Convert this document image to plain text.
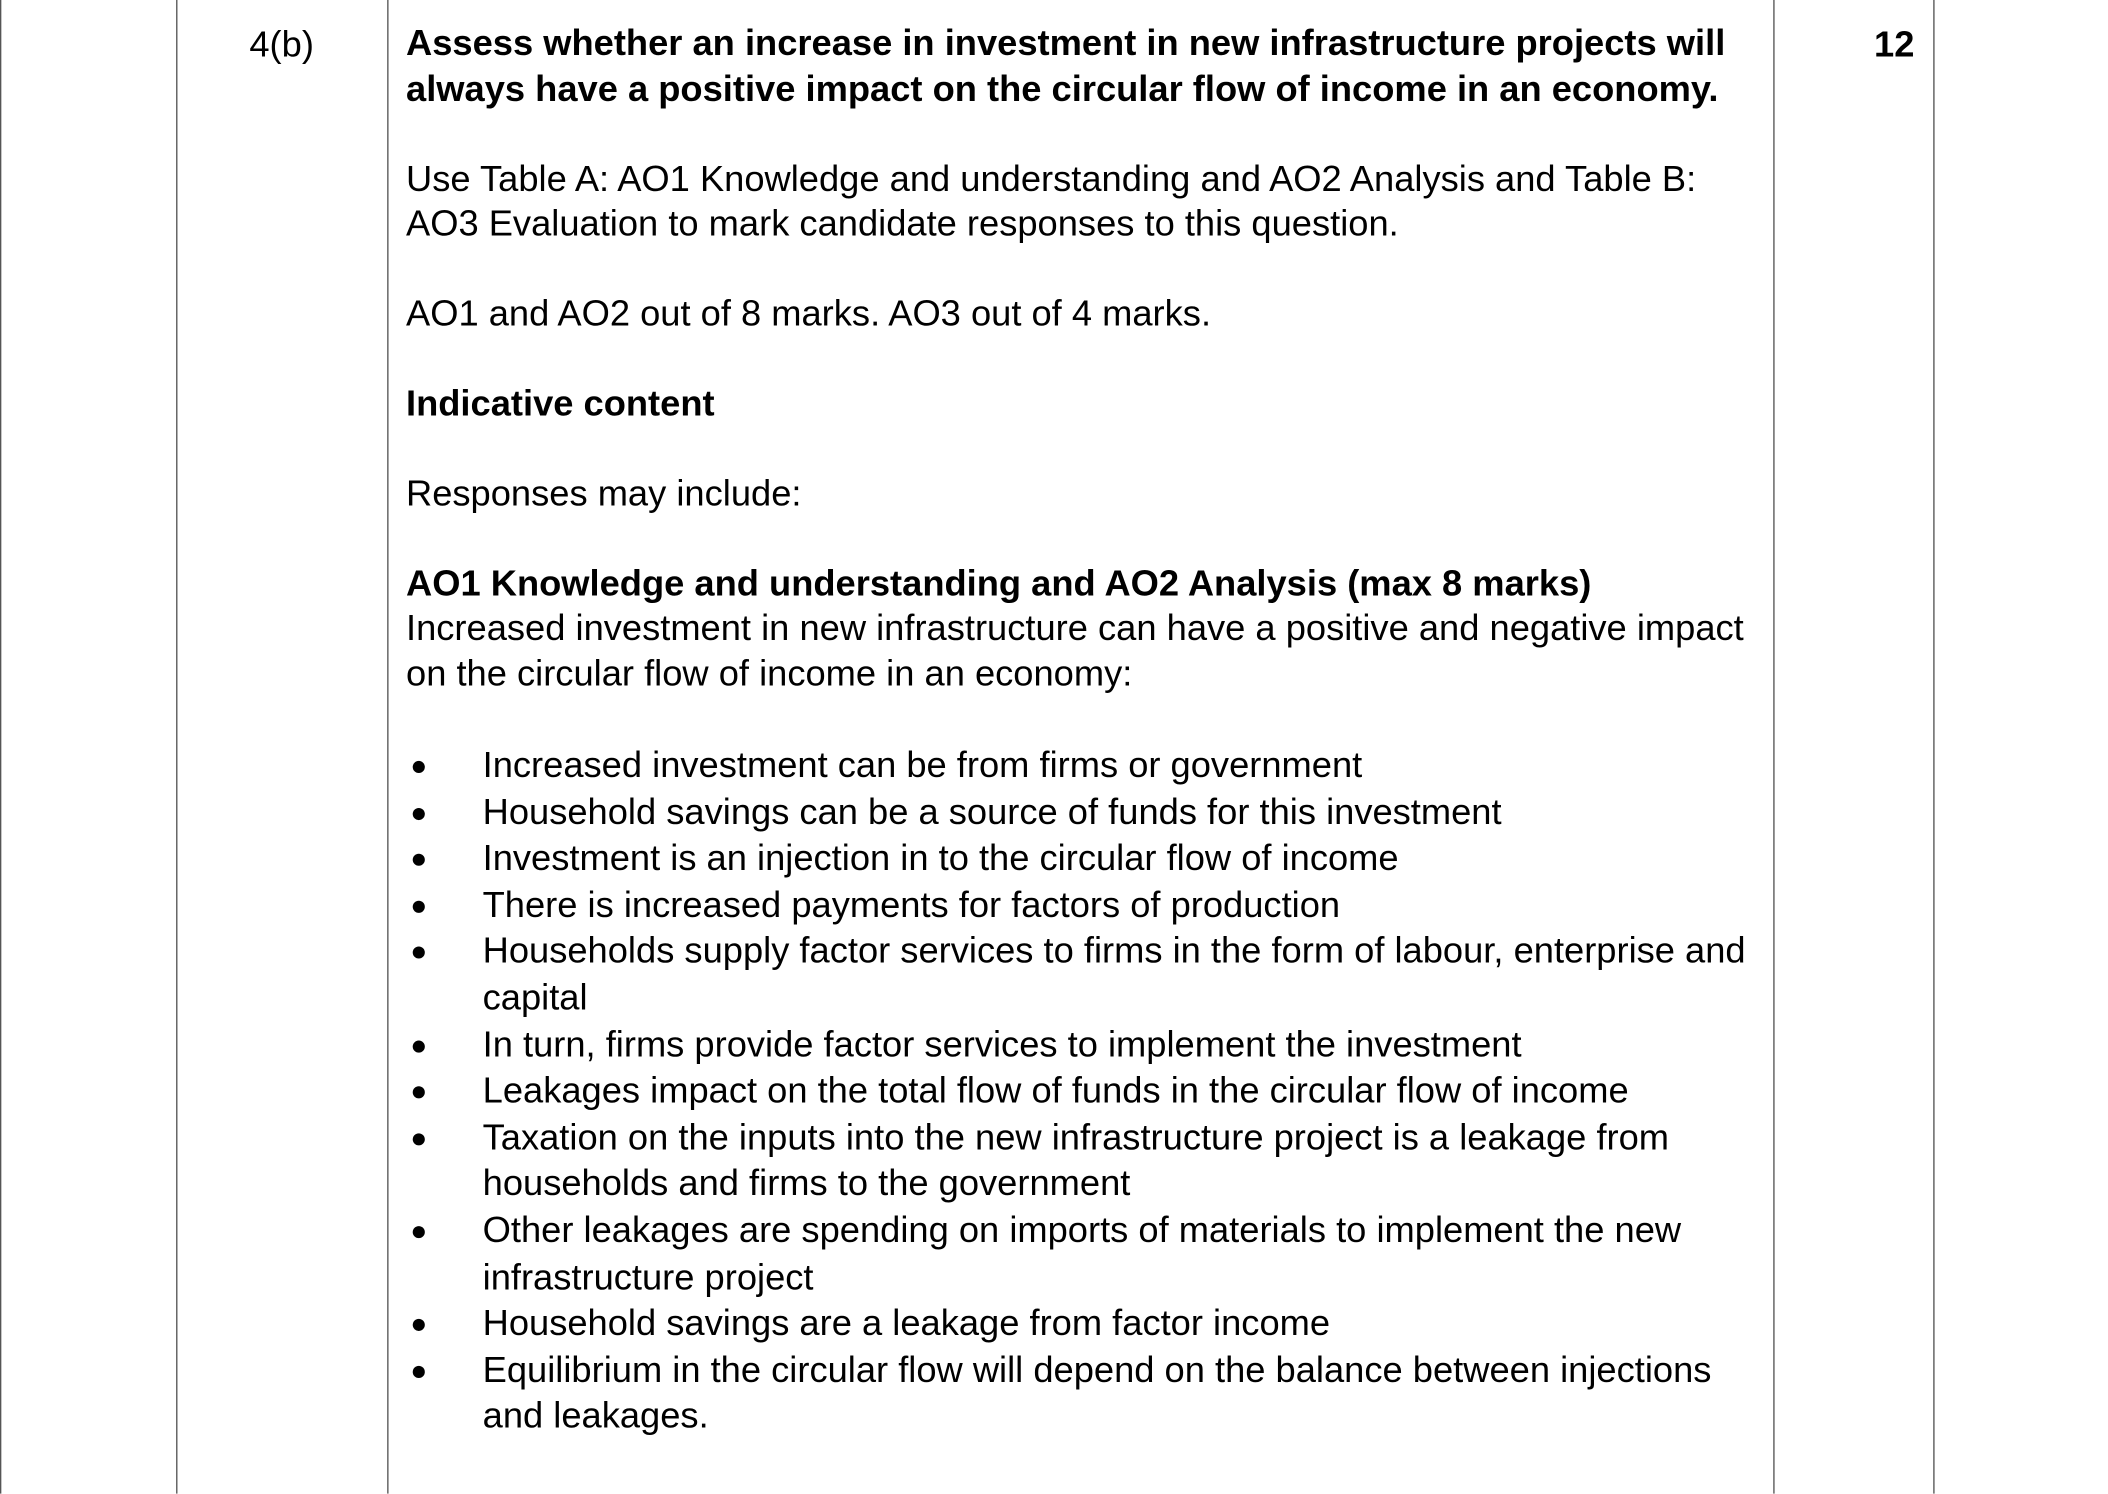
4(b)	12

Assess whether an increase in investment in new infrastructure projects will always have a positive impact on the circular flow of income in an economy.

Use Table A: AO1 Knowledge and understanding and AO2 Analysis and Table B: AO3 Evaluation to mark candidate responses to this question.

AO1 and AO2 out of 8 marks. AO3 out of 4 marks.

Indicative content

Responses may include:

AO1 Knowledge and understanding and AO2 Analysis (max 8 marks)

Increased investment in new infrastructure can have a positive and negative impact on the circular flow of income in an economy:

Increased investment can be from firms or government
Household savings can be a source of funds for this investment
Investment is an injection in to the circular flow of income
There is increased payments for factors of production
Households supply factor services to firms in the form of labour, enterprise and capital
In turn, firms provide factor services to implement the investment
Leakages impact on the total flow of funds in the circular flow of income
Taxation on the inputs into the new infrastructure project is a leakage from households and firms to the government
Other leakages are spending on imports of materials to implement the new infrastructure project
Household savings are a leakage from factor income
Equilibrium in the circular flow will depend on the balance between injections and leakages.
